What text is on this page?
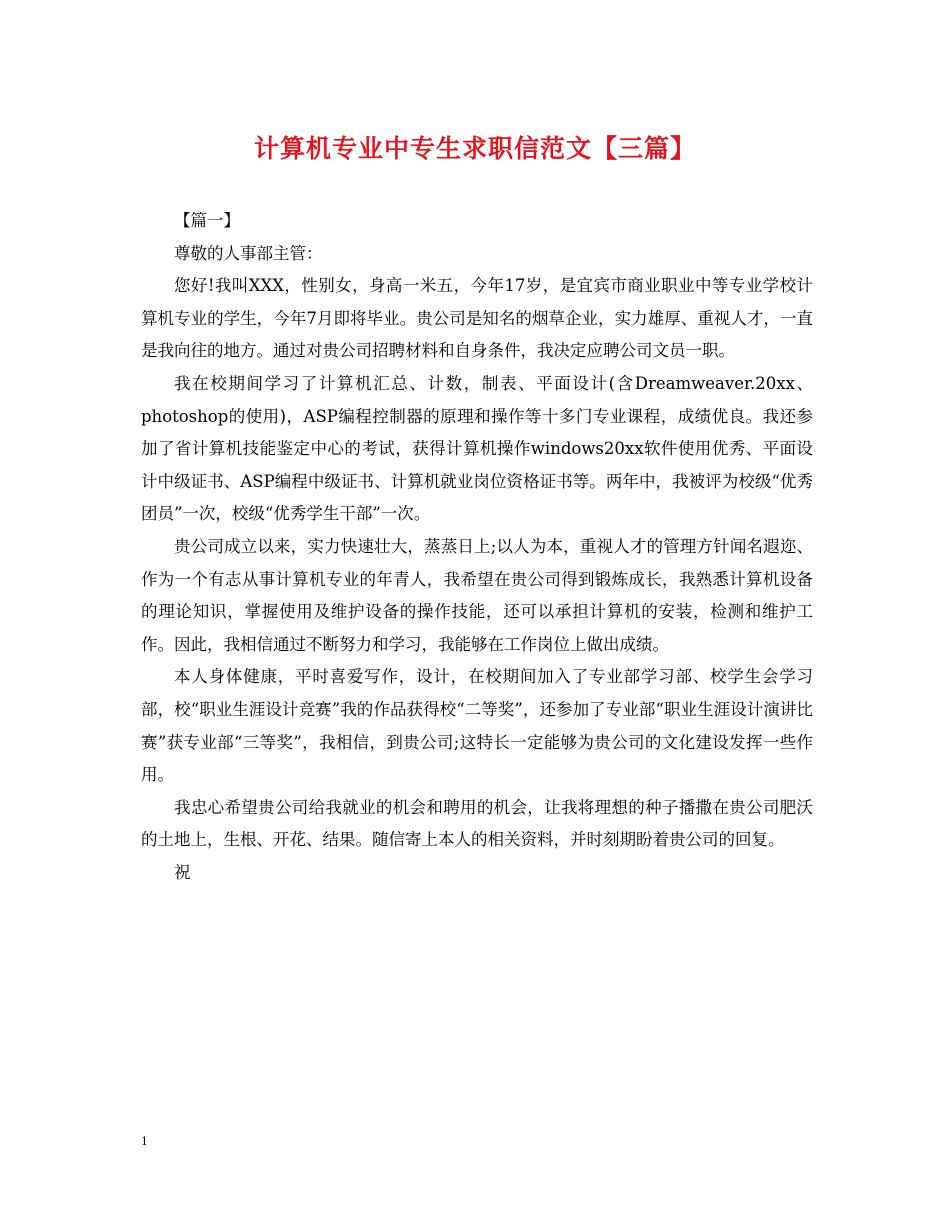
计算机专业中专生求职信范文【三篇】

【篇一】

尊敬的人事部主管：

您好!我叫XXX，性别女，身高一米五，今年17岁，是宜宾市商业职业中等专业学校计算机专业的学生，今年7月即将毕业。贵公司是知名的烟草企业，实力雄厚、重视人才，一直是我向往的地方。通过对贵公司招聘材料和自身条件，我决定应聘公司文员一职。

我在校期间学习了计算机汇总、计数，制表、平面设计(含Dreamweaver.20xx、photoshop的使用)，ASP编程控制器的原理和操作等十多门专业课程，成绩优良。我还参加了省计算机技能鉴定中心的考试，获得计算机操作windows20xx软件使用优秀、平面设计中级证书、ASP编程中级证书、计算机就业岗位资格证书等。两年中，我被评为校级“优秀团员”一次，校级“优秀学生干部”一次。

贵公司成立以来，实力快速壮大，蒸蒸日上;以人为本，重视人才的管理方针闻名遐迩、作为一个有志从事计算机专业的年青人，我希望在贵公司得到锻炼成长，我熟悉计算机设备的理论知识，掌握使用及维护设备的操作技能，还可以承担计算机的安装，检测和维护工作。因此，我相信通过不断努力和学习，我能够在工作岗位上做出成绩。

本人身体健康，平时喜爱写作，设计，在校期间加入了专业部学习部、校学生会学习部，校“职业生涯设计竞赛”我的作品获得校“二等奖”，还参加了专业部“职业生涯设计演讲比赛”获专业部“三等奖”，我相信，到贵公司;这特长一定能够为贵公司的文化建设发挥一些作用。

我忠心希望贵公司给我就业的机会和聘用的机会，让我将理想的种子播撒在贵公司肥沃的土地上，生根、开花、结果。随信寄上本人的相关资料，并时刻期盼着贵公司的回复。

祝

1
